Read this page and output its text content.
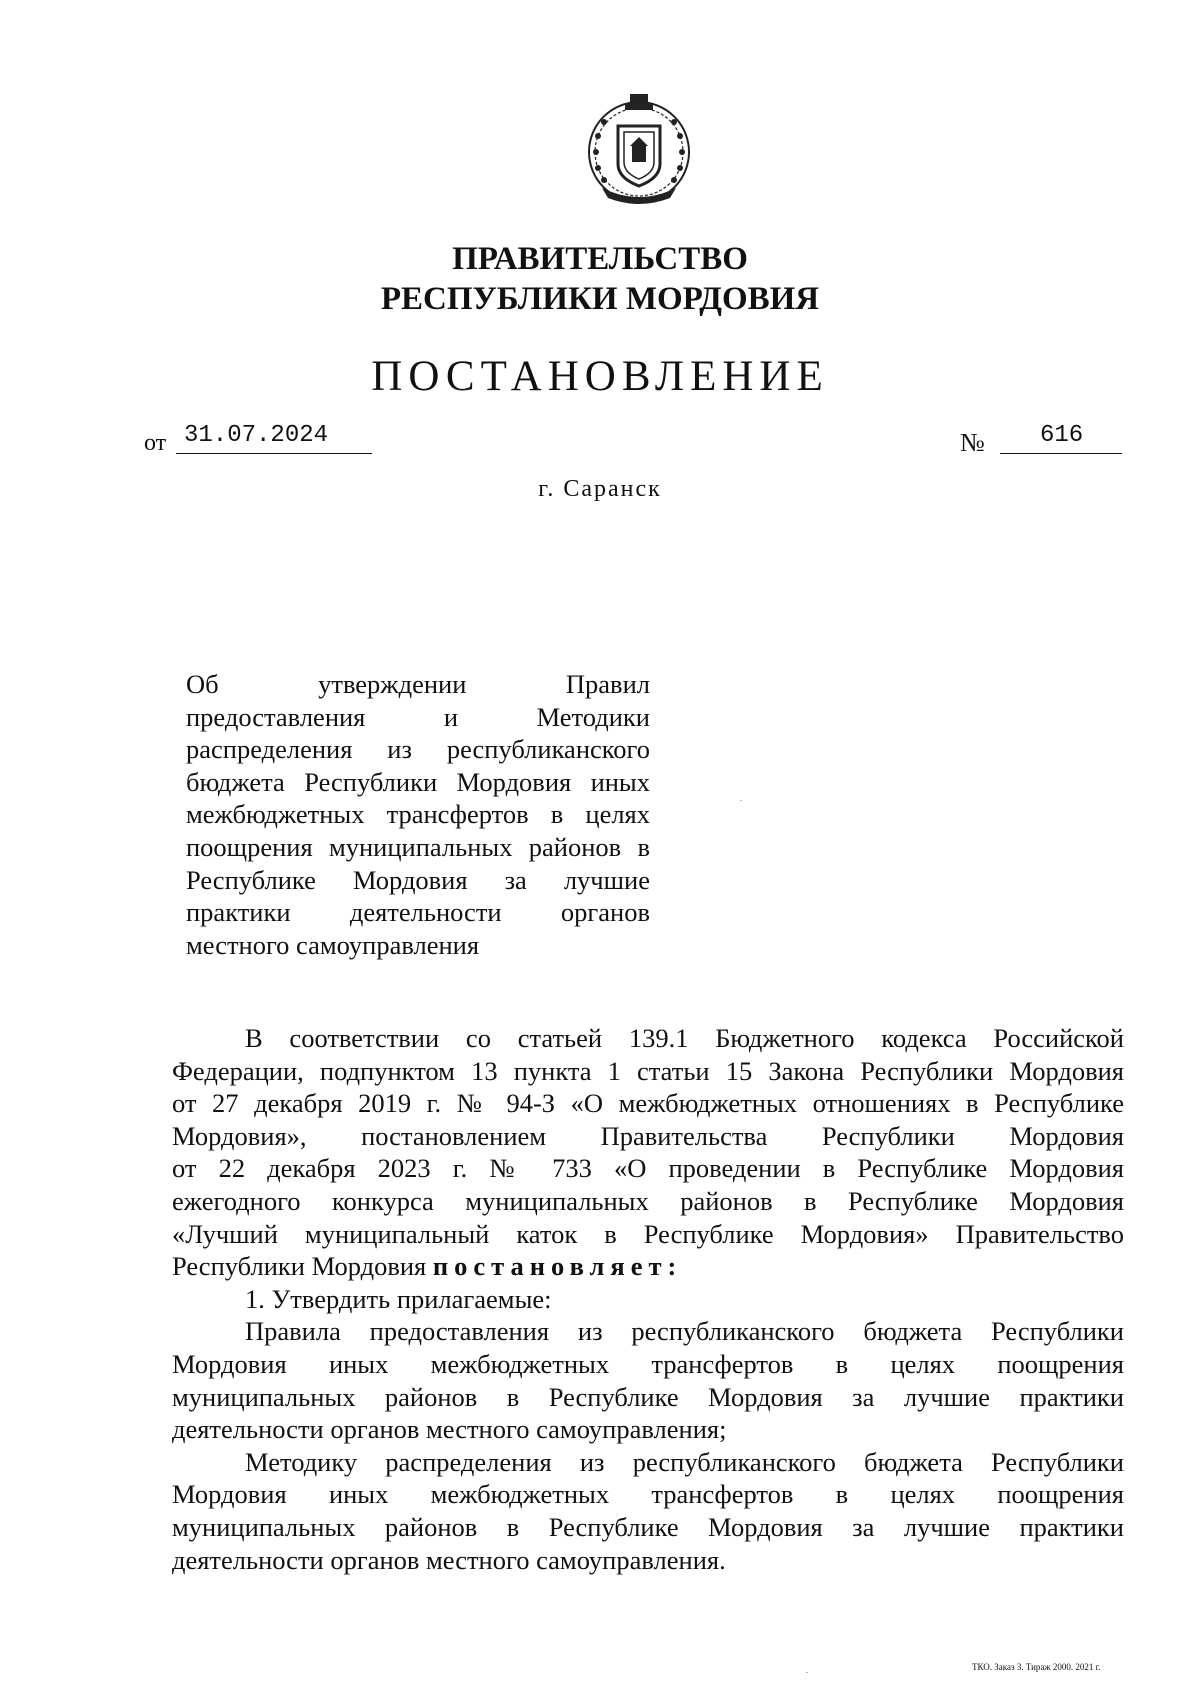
ПРАВИТЕЛЬСТВО
РЕСПУБЛИКИ МОРДОВИЯ
ПОСТАНОВЛЕНИЕ
от 31.07.2024	№	616
г. Саранск
Об	утверждении	Правил
предоставления	и	Методики
распределения из республиканского
бюджета Республики Мордовия иных
межбюджетных трансфертов в целях
поощрения муниципальных районов в
Республике Мордовия за лучшие
практики деятельности органов
местного самоуправления
В соответствии со статьей 139.1 Бюджетного кодекса Российской
Федерации, подпунктом 13 пункта 1 статьи 15 Закона Республики Мордовия
от 27 декабря 2019 г. № 94-З «О межбюджетных отношениях в Республике
Мордовия», постановлением Правительства Республики Мордовия
от 22 декабря 2023 г. № 733 «О проведении в Республике Мордовия
ежегодного конкурса муниципальных районов в Республике Мордовия
«Лучший муниципальный каток в Республике Мордовия» Правительство
Республики Мордовия постановляет:
1. Утвердить прилагаемые:
Правила предоставления из республиканского бюджета Республики
Мордовия иных межбюджетных трансфертов в целях поощрения
муниципальных районов в Республике Мордовия за лучшие практики
деятельности органов местного самоуправления;
Методику распределения из республиканского бюджета Республики
Мордовия иных межбюджетных трансфертов в целях поощрения
муниципальных районов в Республике Мордовия за лучшие практики
деятельности органов местного самоуправления.
ТКО. Заказ 3. Тираж 2000. 2021 г.
